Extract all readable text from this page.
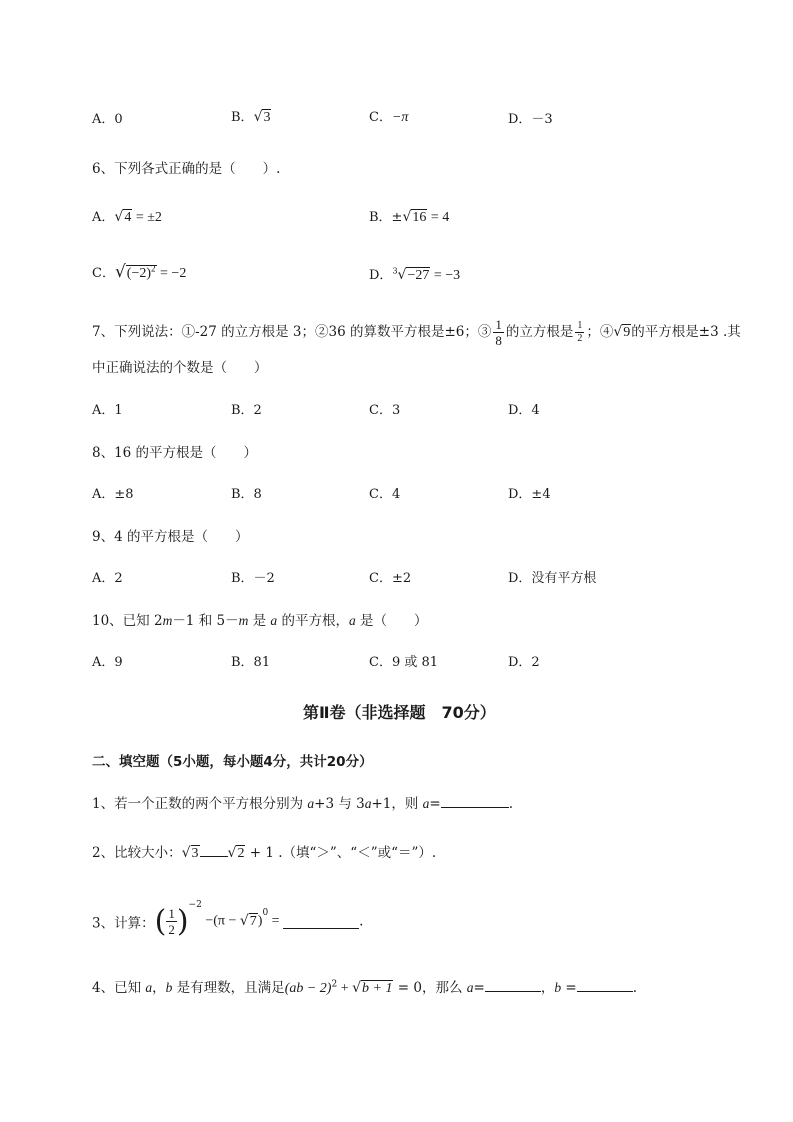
A．0	B．√3	C．−π	D．－3
6、下列各式正确的是（　　）.
A．√4 = ±2	B．±√16 = 4
C．$√(-2)^2 = -2$	D．$^3$√−27 = −3
7、下列说法：①-27 的立方根是 3；②36 的算数平方根是±6；③ $\frac{1}{8}$ 的立方根是 $\frac{1}{2}$ ；④√9的平方根是±3 .其
中正确说法的个数是（　　）
A．1	B．2	C．3	D．4
8、16 的平方根是（　　）
A．±8	B．8	C．4	D．±4
9、4 的平方根是（　　）
A．2	B．－2	C．±2	D．没有平方根
10、已知 2m－1 和 5－m 是 a 的平方根，a 是（　　）
A．9	B．81	C．9 或 81	D．2
第Ⅱ卷（非选择题　70分）
二、填空题（5小题，每小题4分，共计20分）
1、若一个正数的两个平方根分别为 a+3 与 3a+1，则 a=	.
2、比较大小：√3 √2 + 1 .（填“＞”、“＜”或“＝”）.
3、计算：( $\frac{1}{2} )^{-2} -(\pi - √7)^0$ =	.
4、已知 a，b 是有理数，且满足(ab − 2)$^2$ + √b + 1 = 0，那么 a=	，b =	.
